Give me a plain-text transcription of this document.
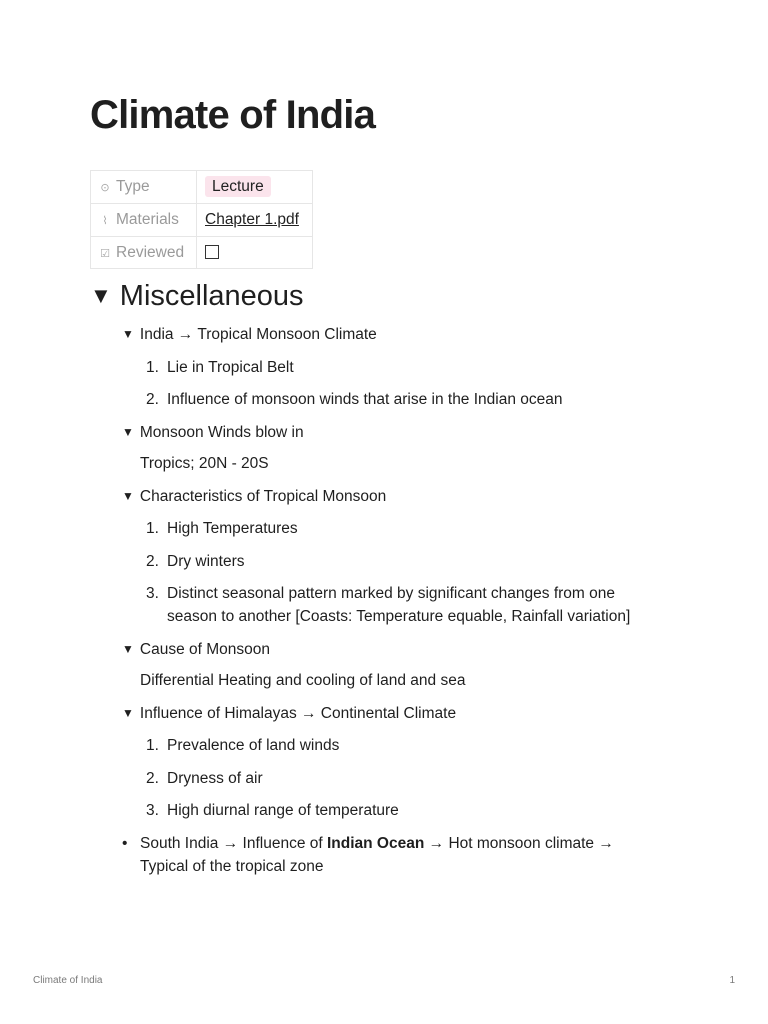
Climate of India
⊙ Type	Lecture
⌇ Materials	Chapter 1.pdf
☑ Reviewed	
▼ Miscellaneous
▼ India → Tropical Monsoon Climate
1. Lie in Tropical Belt
2. Influence of monsoon winds that arise in the Indian ocean
▼ Monsoon Winds blow in
Tropics; 20N - 20S
▼ Characteristics of Tropical Monsoon
1. High Temperatures
2. Dry winters
3. Distinct seasonal pattern marked by significant changes from one season to another [Coasts: Temperature equable, Rainfall variation]
▼ Cause of Monsoon
Differential Heating and cooling of land and sea
▼ Influence of Himalayas → Continental Climate
1. Prevalence of land winds
2. Dryness of air
3. High diurnal range of temperature
• South India → Influence of Indian Ocean → Hot monsoon climate → Typical of the tropical zone
Climate of India	1
